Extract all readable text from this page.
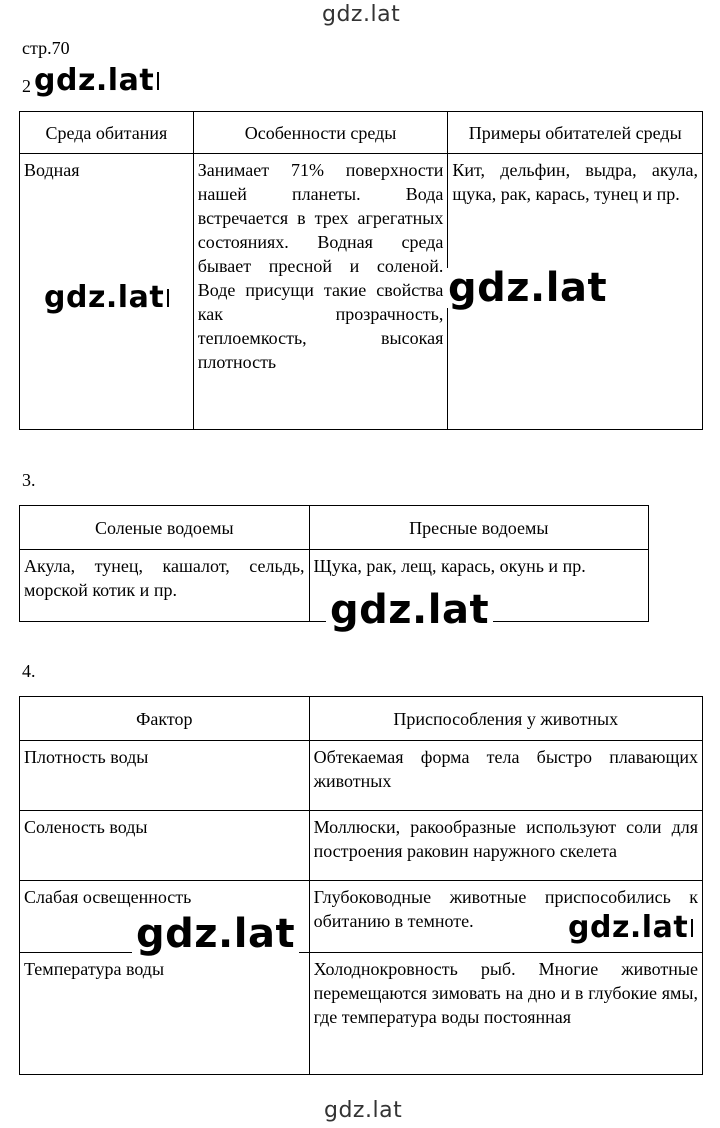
gdz.lat
стр.70
2 gdz.lat
Среда обитания	Особенности среды	Примеры обитателей среды
Водная	Занимает 71% поверхности нашей планеты. Вода встречается в трех агрегатных состояниях. Водная среда бывает пресной и соленой. Воде присущи такие свойства как прозрачность, теплоемкость, высокая плотность	Кит, дельфин, выдра, акула, щука, рак, карась, тунец и пр.
gdz.lat	gdz.lat
3.
Соленые водоемы	Пресные водоемы
Акула, тунец, кашалот, сельдь, морской котик и пр.	Щука, рак, лещ, карась, окунь и пр.
gdz.lat
4.
Фактор	Приспособления у животных
Плотность воды	Обтекаемая форма тела быстро плавающих животных
Соленость воды	Моллюски, ракообразные используют соли для построения раковин наружного скелета
Слабая освещенность	Глубоководные животные приспособились к обитанию в темноте.
Температура воды	Холоднокровность рыб. Многие животные перемещаются зимовать на дно и в глубокие ямы, где температура воды постоянная
gdz.lat	gdz.lat
gdz.lat
